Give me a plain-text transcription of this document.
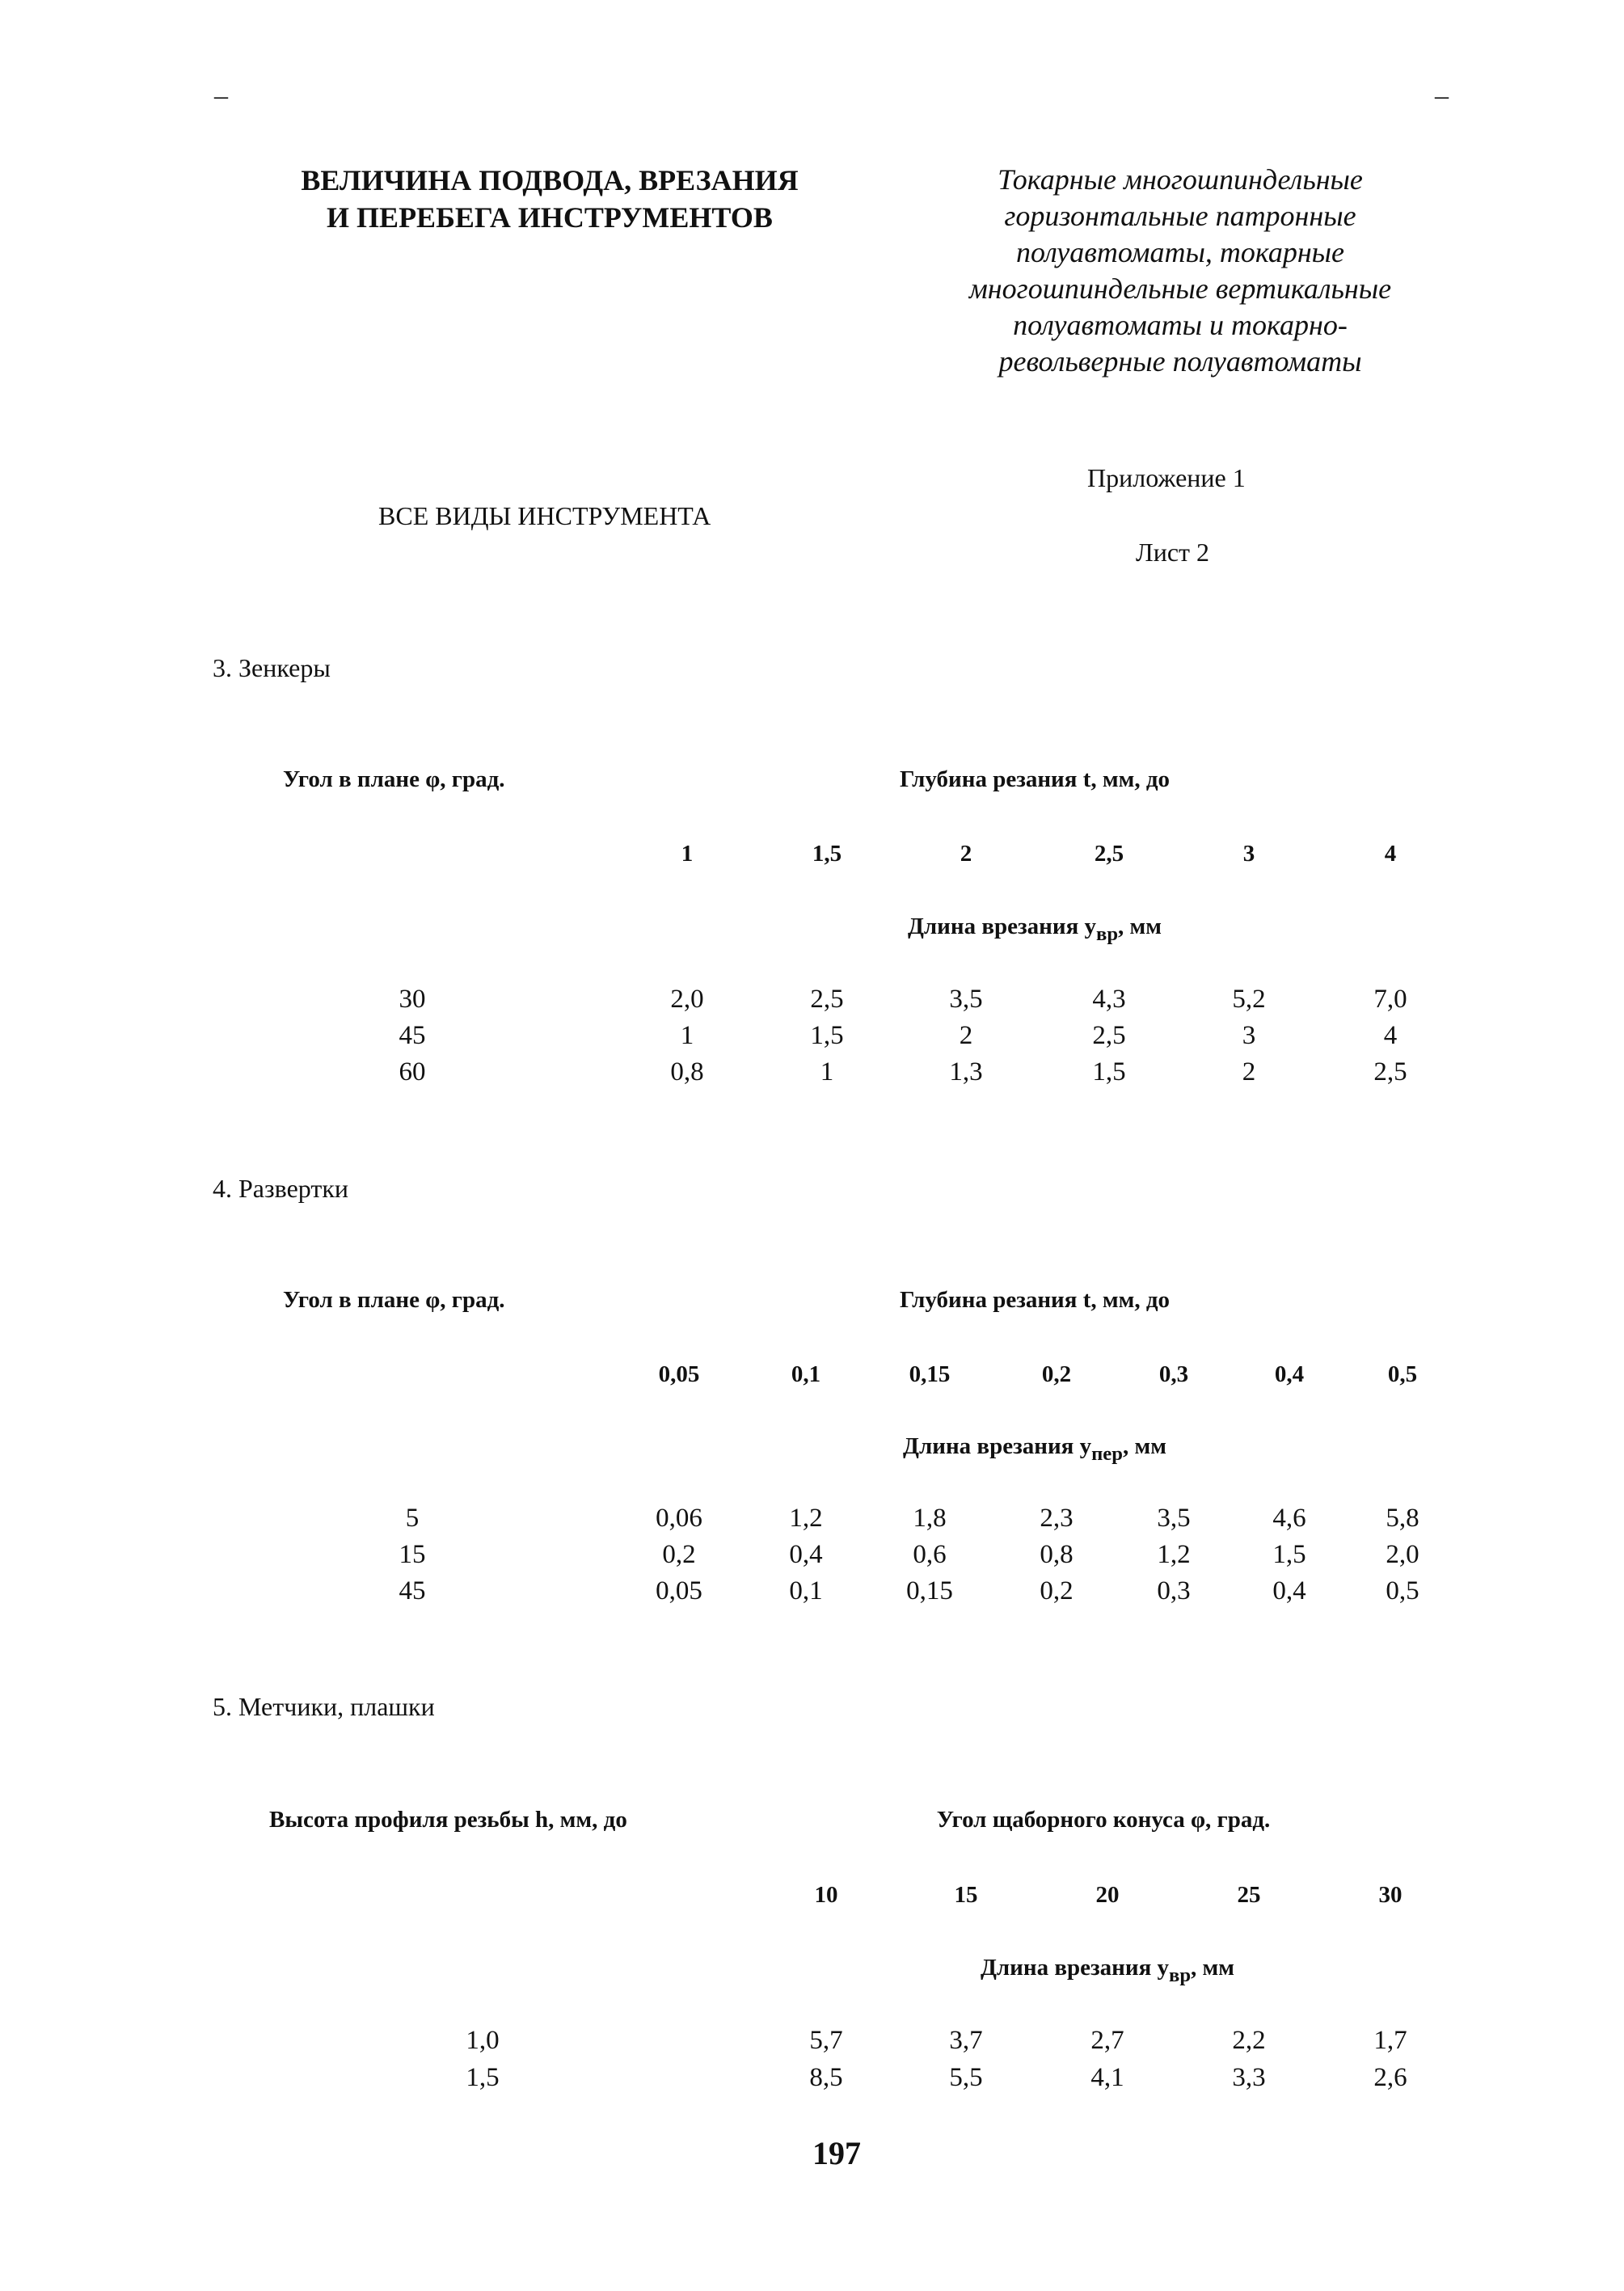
–	–
ВЕЛИЧИНА ПОДВОДА, ВРЕЗАНИЯ
И ПЕРЕБЕГА ИНСТРУМЕНТОВ
Токарные многошпиндельные
горизонтальные патронные
полуавтоматы, токарные
многошпиндельные вертикальные
полуавтоматы и токарно-
револьверные полуавтоматы
Приложение 1
ВСЕ ВИДЫ ИНСТРУМЕНТА
Лист 2
3. Зенкеры
Угол в плане φ, град.	Глубина резания t, мм, до
1	1,5	2	2,5	3	4
Длина врезания $у_{вр}$, мм
30	2,0	2,5	3,5	4,3	5,2	7,0
45	1	1,5	2	2,5	3	4
60	0,8	1	1,3	1,5	2	2,5
4. Развертки
Угол в плане φ, град.	Глубина резания t, мм, до
0,05	0,1	0,15	0,2	0,3	0,4	0,5
Длина врезания $у_{пер}$, мм
5	0,06	1,2	1,8	2,3	3,5	4,6	5,8
15	0,2	0,4	0,6	0,8	1,2	1,5	2,0
45	0,05	0,1	0,15	0,2	0,3	0,4	0,5
5. Метчики, плашки
Высота профиля резьбы h, мм, до	Угол щаборного конуса φ, град.
10	15	20	25	30
Длина врезания $у_{вр}$, мм
1,0	5,7	3,7	2,7	2,2	1,7
1,5	8,5	5,5	4,1	3,3	2,6
197
